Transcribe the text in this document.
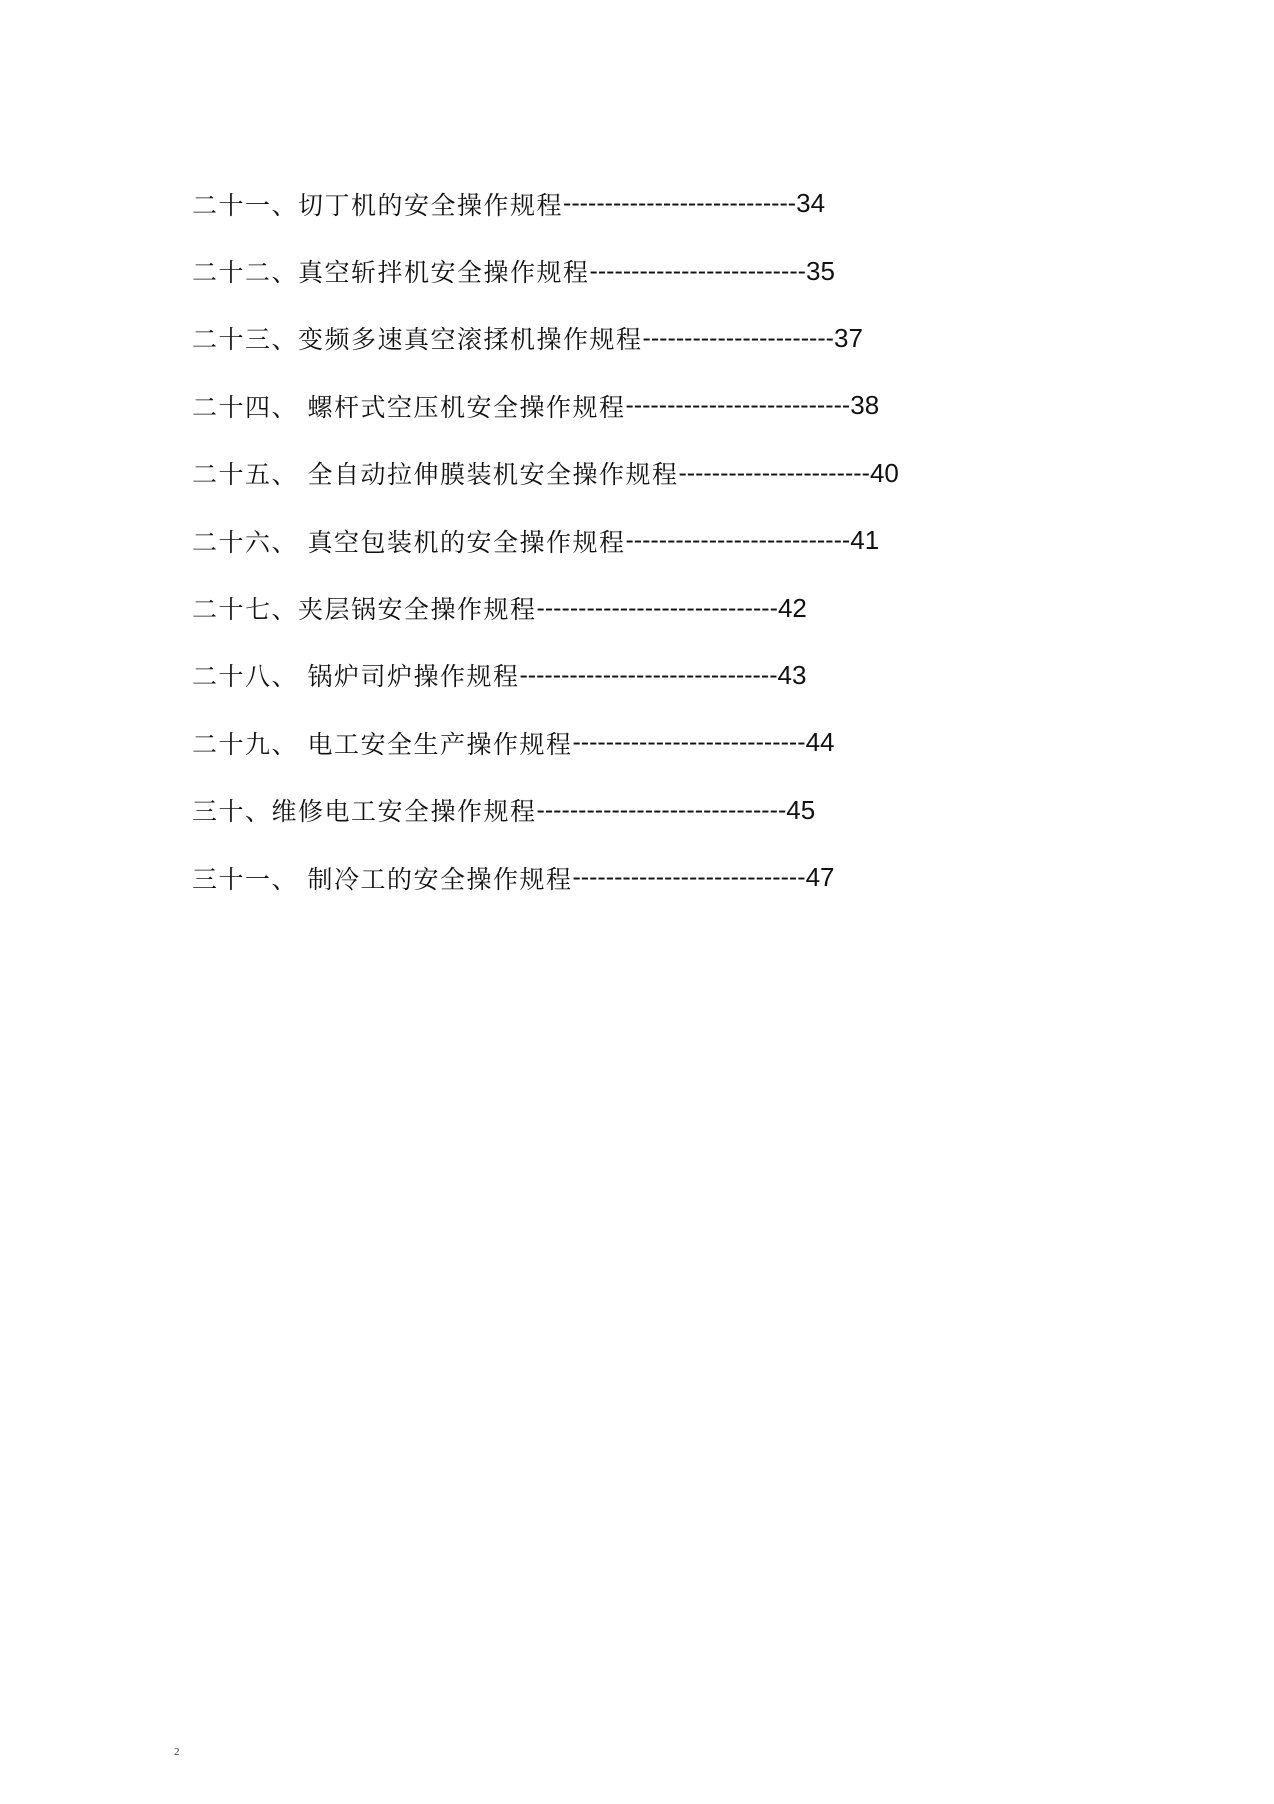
二十一、切丁机的安全操作规程 ---------------------------- 34
二十二、真空斩拌机安全操作规程 -------------------------- 35
二十三、变频多速真空滚揉机操作规程 ----------------------- 37
二十四、 螺杆式空压机安全操作规程 --------------------------- 38
二十五、 全自动拉伸膜装机安全操作规程 ----------------------- 40
二十六、 真空包装机的安全操作规程 --------------------------- 41
二十七、夹层锅安全操作规程 ----------------------------- 42
二十八、 锅炉司炉操作规程 ------------------------------- 43
二十九、 电工安全生产操作规程 ---------------------------- 44
三十、维修电工安全操作规程 ------------------------------ 45
三十一、 制冷工的安全操作规程 ---------------------------- 47
2
